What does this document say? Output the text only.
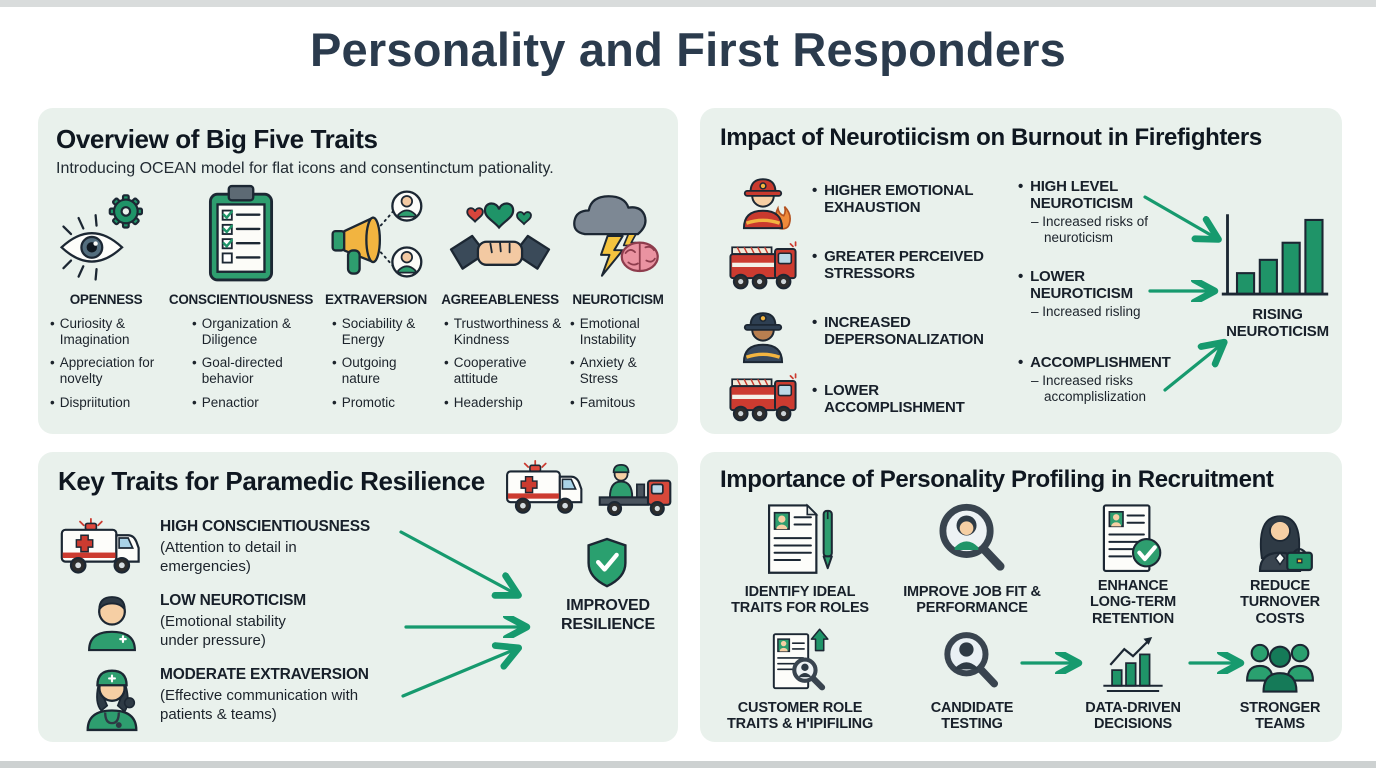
Personality and First Responders
Overview of Big Five Traits

Introducing OCEAN model for flat icons and consentinctum pationality.

OPENNESS
• Curiosity & Imagination
• Appreciation for novelty
• Dispriitution
CONSCIENTIOUSNESS
• Organization & Diligence
• Goal-directed behavior
• Penactior
EXTRAVERSION
• Sociability & Energy
• Outgoing nature
• Promotic
AGREEABLENESS
• Trustworthiness & Kindness
• Cooperative attitude
• Headership
NEUROTICISM
• Emotional Instability
• Anxiety & Stress
• Famitous
Impact of Neurotiicism on Burnout in Firefighters
• HIGHER EMOTIONAL EXHAUSTION
• GREATER PERCEIVED STRESSORS
• INCREASED DEPERSONALIZATION
• LOWER ACCOMPLISHMENT
• HIGH LEVEL NEUROTICISM
– Increased risks of neuroticism
• LOWER NEUROTICISM
– Increased risling
• ACCOMPLISHMENT
– Increased risks accomplislization
RISING NEUROTICISM
Key Traits for Paramedic Resilience
HIGH CONSCIENTIOUSNESS
(Attention to detail in emergencies)
LOW NEUROTICISM
(Emotional stability under pressure)
MODERATE EXTRAVERSION
(Effective communication with patients & teams)
IMPROVED RESILIENCE
Importance of Personality Profiling in Recruitment
IDENTIFY IDEAL TRAITS FOR ROLES
IMPROVE JOB FIT & PERFORMANCE
ENHANCE LONG-TERM RETENTION
REDUCE TURNOVER COSTS
CUSTOMER ROLE TRAITS & H'IPIFILING
CANDIDATE TESTING
DATA-DRIVEN DECISIONS
STRONGER TEAMS
